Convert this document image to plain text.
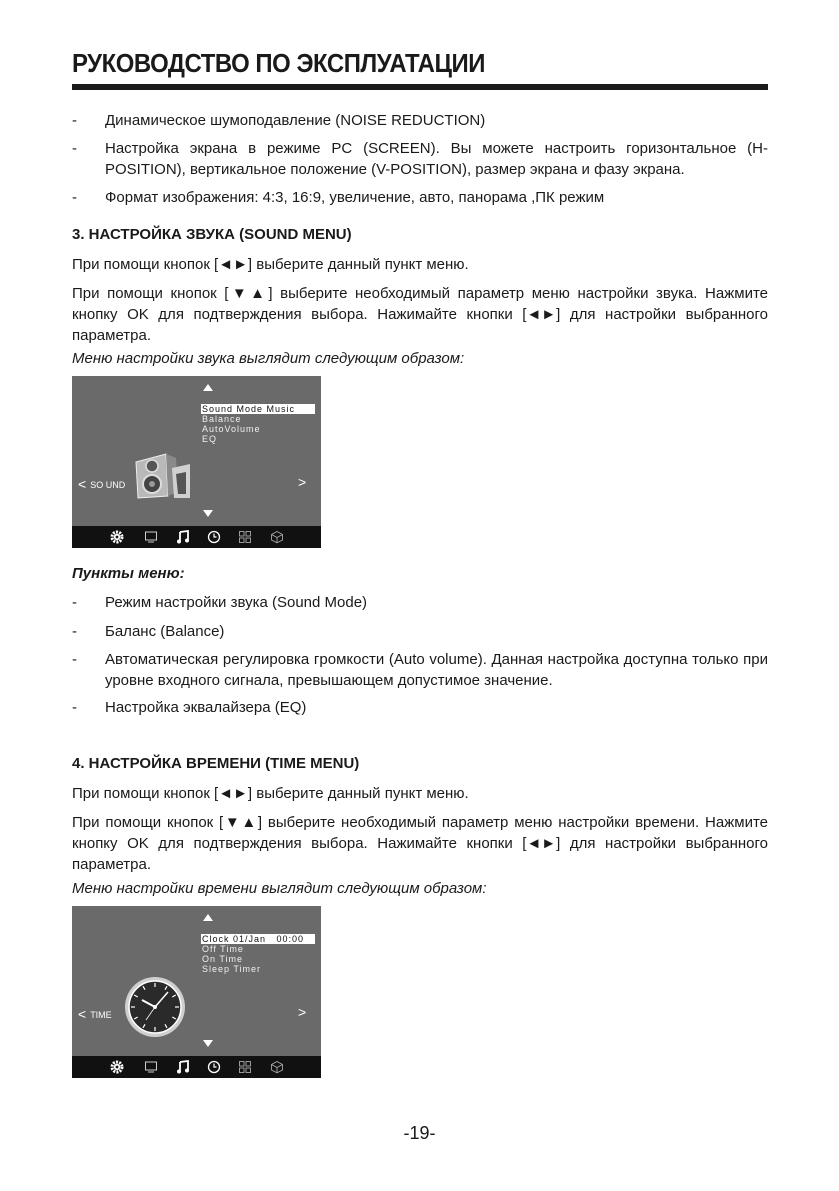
РУКОВОДСТВО ПО ЭКСПЛУАТАЦИИ
-	Динамическое шумоподавление (NOISE REDUCTION)
-	Настройка экрана в режиме PC (SCREEN). Вы можете настроить горизонтальное (H-POSITION), вертикальное положение (V-POSITION), размер экрана и фазу экрана.
-	Формат изображения: 4:3, 16:9, увеличение, авто, панорама ,ПК режим
3. НАСТРОЙКА ЗВУКА (SOUND MENU)
При помощи кнопок [◄►] выберите данный пункт меню.
При помощи кнопок [▼▲] выберите необходимый параметр меню настройки звука. Нажмите кнопку OK для подтверждения выбора. Нажимайте кнопки [◄►] для настройки выбранного параметра.
Меню настройки звука выглядит следующим образом:
Sound Mode Music
Balance
AutoVolume
EQ
< SO UND	>
Пункты меню:
-	Режим настройки звука (Sound Mode)
-	Баланс (Balance)
-	Автоматическая регулировка громкости (Auto volume). Данная настройка доступна только при уровне входного сигнала, превышающем допустимое значение.
-	Настройка эквалайзера (EQ)
4. НАСТРОЙКА ВРЕМЕНИ (TIME MENU)
При помощи кнопок [◄►] выберите данный пункт меню.
При помощи кнопок [▼▲] выберите необходимый параметр меню настройки времени. Нажмите кнопку OK для подтверждения выбора. Нажимайте кнопки [◄►] для настройки выбранного параметра.
Меню настройки времени выглядит следующим образом:
Clock 01/Jan   00:00
Off Time
On Time
Sleep Timer
< TIME	>
-19-
